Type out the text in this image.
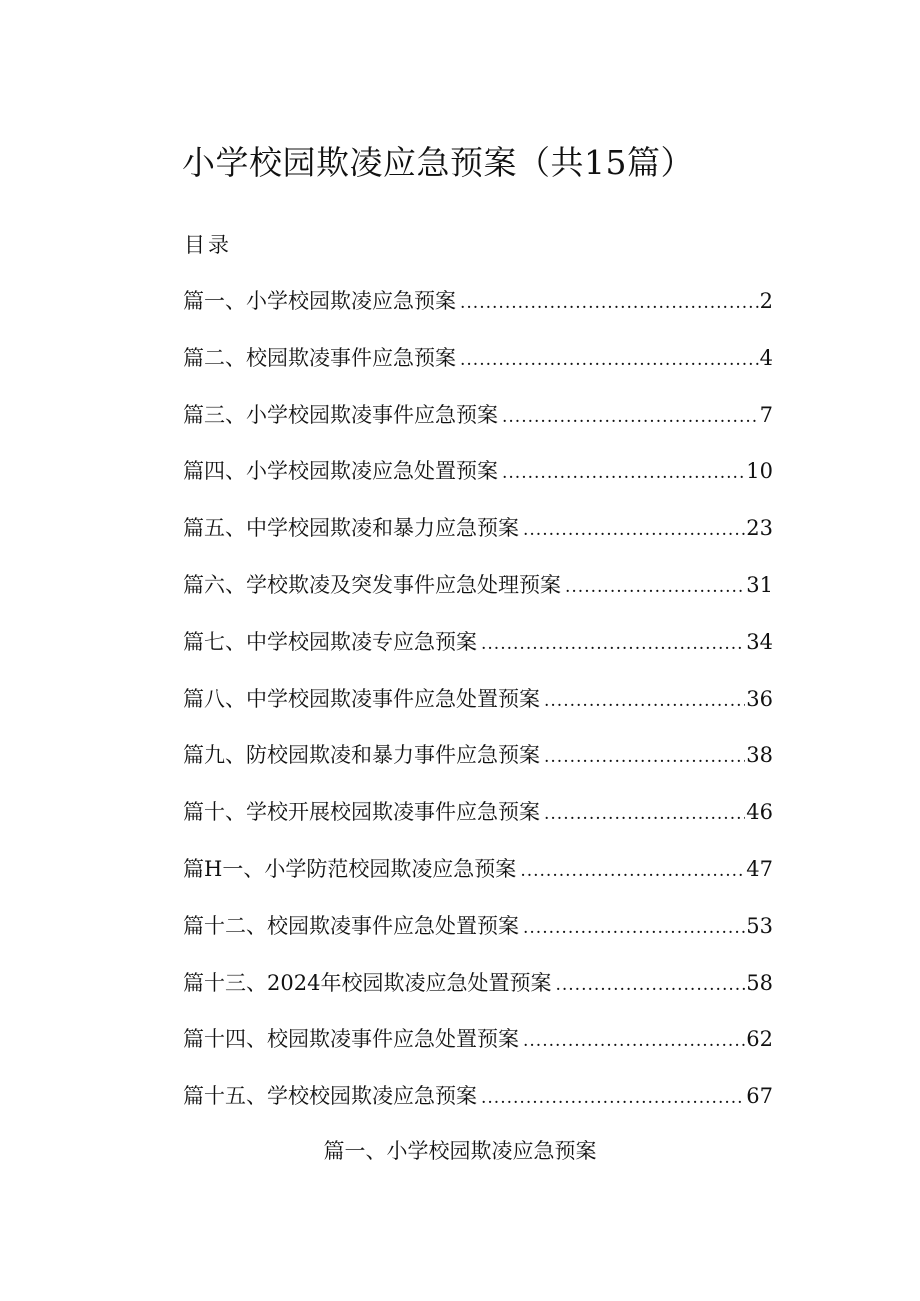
小学校园欺凌应急预案（共15篇）
目录
篇一、小学校园欺凌应急预案 .....	2
篇二、校园欺凌事件应急预案 .....	4
篇三、小学校园欺凌事件应急预案 .....	7
篇四、小学校园欺凌应急处置预案 .....	10
篇五、中学校园欺凌和暴力应急预案 .....	23
篇六、学校欺凌及突发事件应急处理预案 .....	31
篇七、中学校园欺凌专应急预案 .....	34
篇八、中学校园欺凌事件应急处置预案 .....	36
篇九、防校园欺凌和暴力事件应急预案 .....	38
篇十、学校开展校园欺凌事件应急预案 .....	46
篇H一、小学防范校园欺凌应急预案 .....	47
篇十二、校园欺凌事件应急处置预案 .....	53
篇十三、2024年校园欺凌应急处置预案 .....	58
篇十四、校园欺凌事件应急处置预案 .....	62
篇十五、学校校园欺凌应急预案 .....	67
篇一、小学校园欺凌应急预案
